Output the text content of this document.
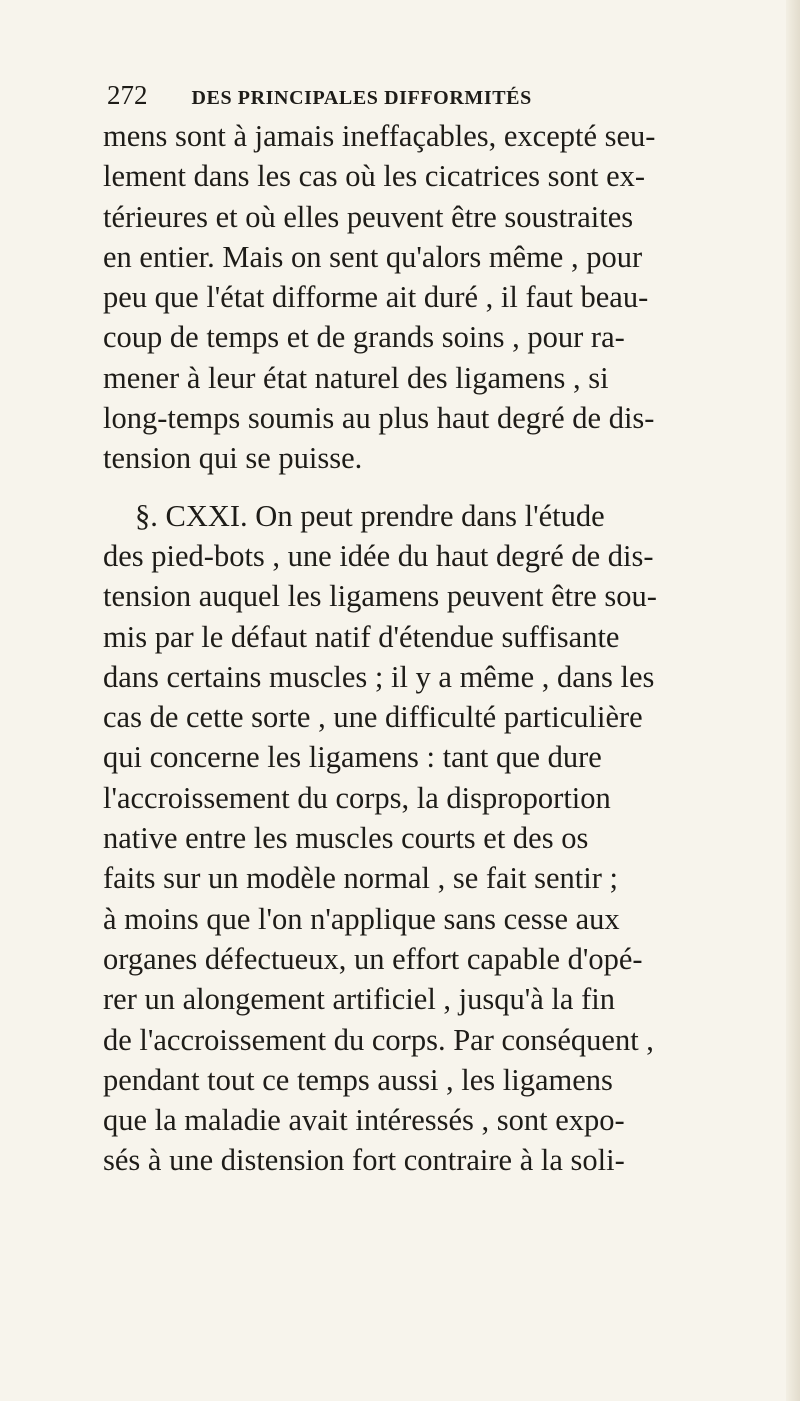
272 DES PRINCIPALES DIFFORMITÉS
mens sont à jamais ineffaçables, excepté seu-
lement dans les cas où les cicatrices sont ex-
térieures et où elles peuvent être soustraites
en entier. Mais on sent qu'alors même , pour
peu que l'état difforme ait duré , il faut beau-
coup de temps et de grands soins , pour ra-
mener à leur état naturel des ligamens , si
long-temps soumis au plus haut degré de dis-
tension qui se puisse.
§. CXXI. On peut prendre dans l'étude
des pied-bots , une idée du haut degré de dis-
tension auquel les ligamens peuvent être sou-
mis par le défaut natif d'étendue suffisante
dans certains muscles ; il y a même , dans les
cas de cette sorte , une difficulté particulière
qui concerne les ligamens : tant que dure
l'accroissement du corps, la disproportion
native entre les muscles courts et des os
faits sur un modèle normal , se fait sentir ;
à moins que l'on n'applique sans cesse aux
organes défectueux, un effort capable d'opé-
rer un alongement artificiel , jusqu'à la fin
de l'accroissement du corps. Par conséquent ,
pendant tout ce temps aussi , les ligamens
que la maladie avait intéressés , sont expo-
sés à une distension fort contraire à la soli-
